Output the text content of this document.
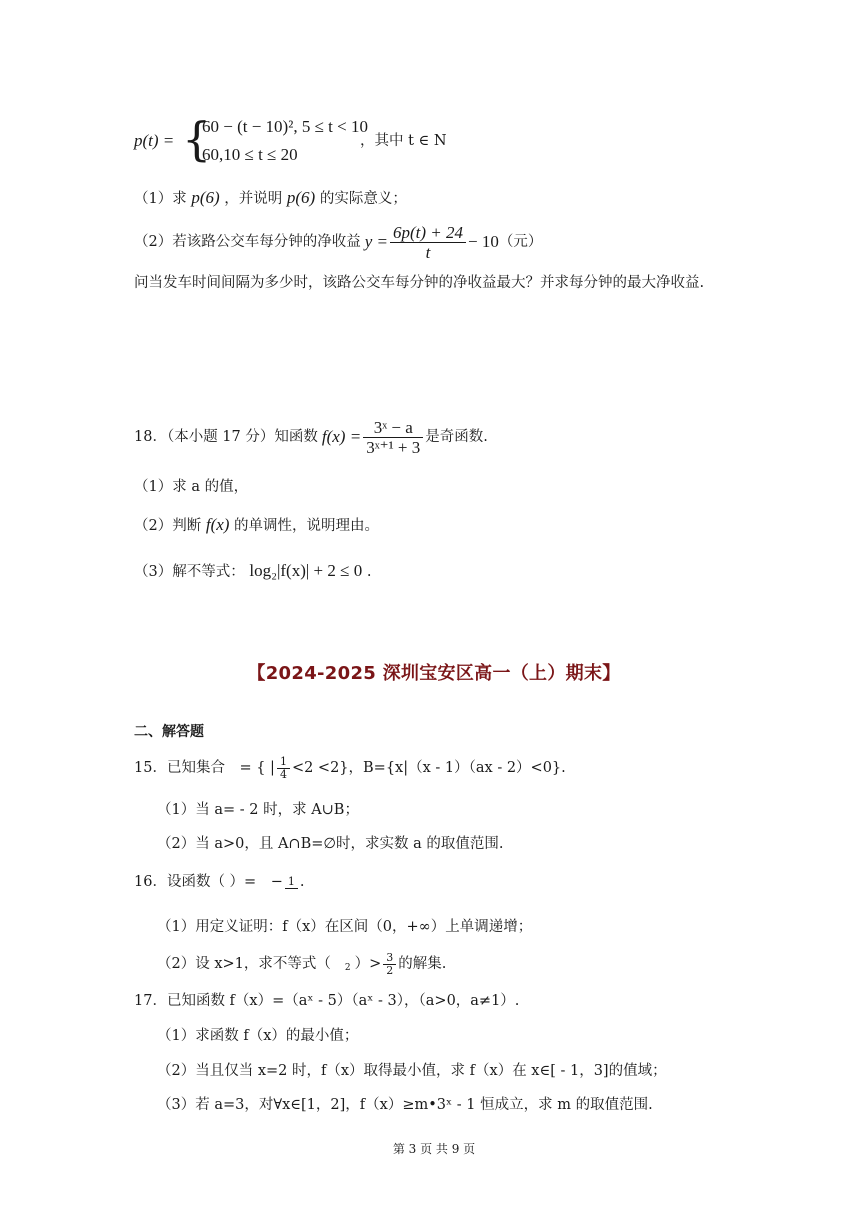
p(t) = {
60 − (t − 10)², 5 ≤ t < 10
60,10 ≤ t ≤ 20
，其中 t ∈ N
（1）求 p(6) ，并说明 p(6) 的实际意义；
（2）若该路公交车每分钟的净收益 $y = \frac{6p(t) + 24}{t} - 10$ （元）
问当发车时间间隔为多少时，该路公交车每分钟的净收益最大？并求每分钟的最大净收益.
18．（本小题 17 分）知函数 $f(x) = \frac{\text{3ˣ − a}}{\text{3ˣ⁺¹ + 3}}$ 是奇函数.
（1）求 a 的值，
（2）判断 f(x) 的单调性，说明理由。
（3）解不等式： log₂|f(x)| + 2 ≤ 0 .
【2024-2025 深圳宝安区高一（上）期末】
二、解答题
15．已知集合　= { | $\frac{1}{4} <2 <2$}，B={x|（x - 1）（ax - 2）<0}.
（1）当 a= - 2 时，求 A∪B；
（2）当 a>0，且 A∩B=∅时，求实数 a 的取值范围.
16．设函数（ ）=　− 1 .
（1）用定义证明：f（x）在区间（0，+∞）上单调递增；
（2）设 x>1，求不等式（ 2 ）> $\frac{3}{2}$ 的解集.
17．已知函数 f（x）=（aˣ - 5）（aˣ - 3），（a>0，a≠1）.
（1）求函数 f（x）的最小值；
（2）当且仅当 x=2 时，f（x）取得最小值，求 f（x）在 x∈[ - 1，3]的值域；
（3）若 a=3，对∀x∈[1，2]，f（x）≥m•3ˣ - 1 恒成立，求 m 的取值范围.
第 3 页 共 9 页
